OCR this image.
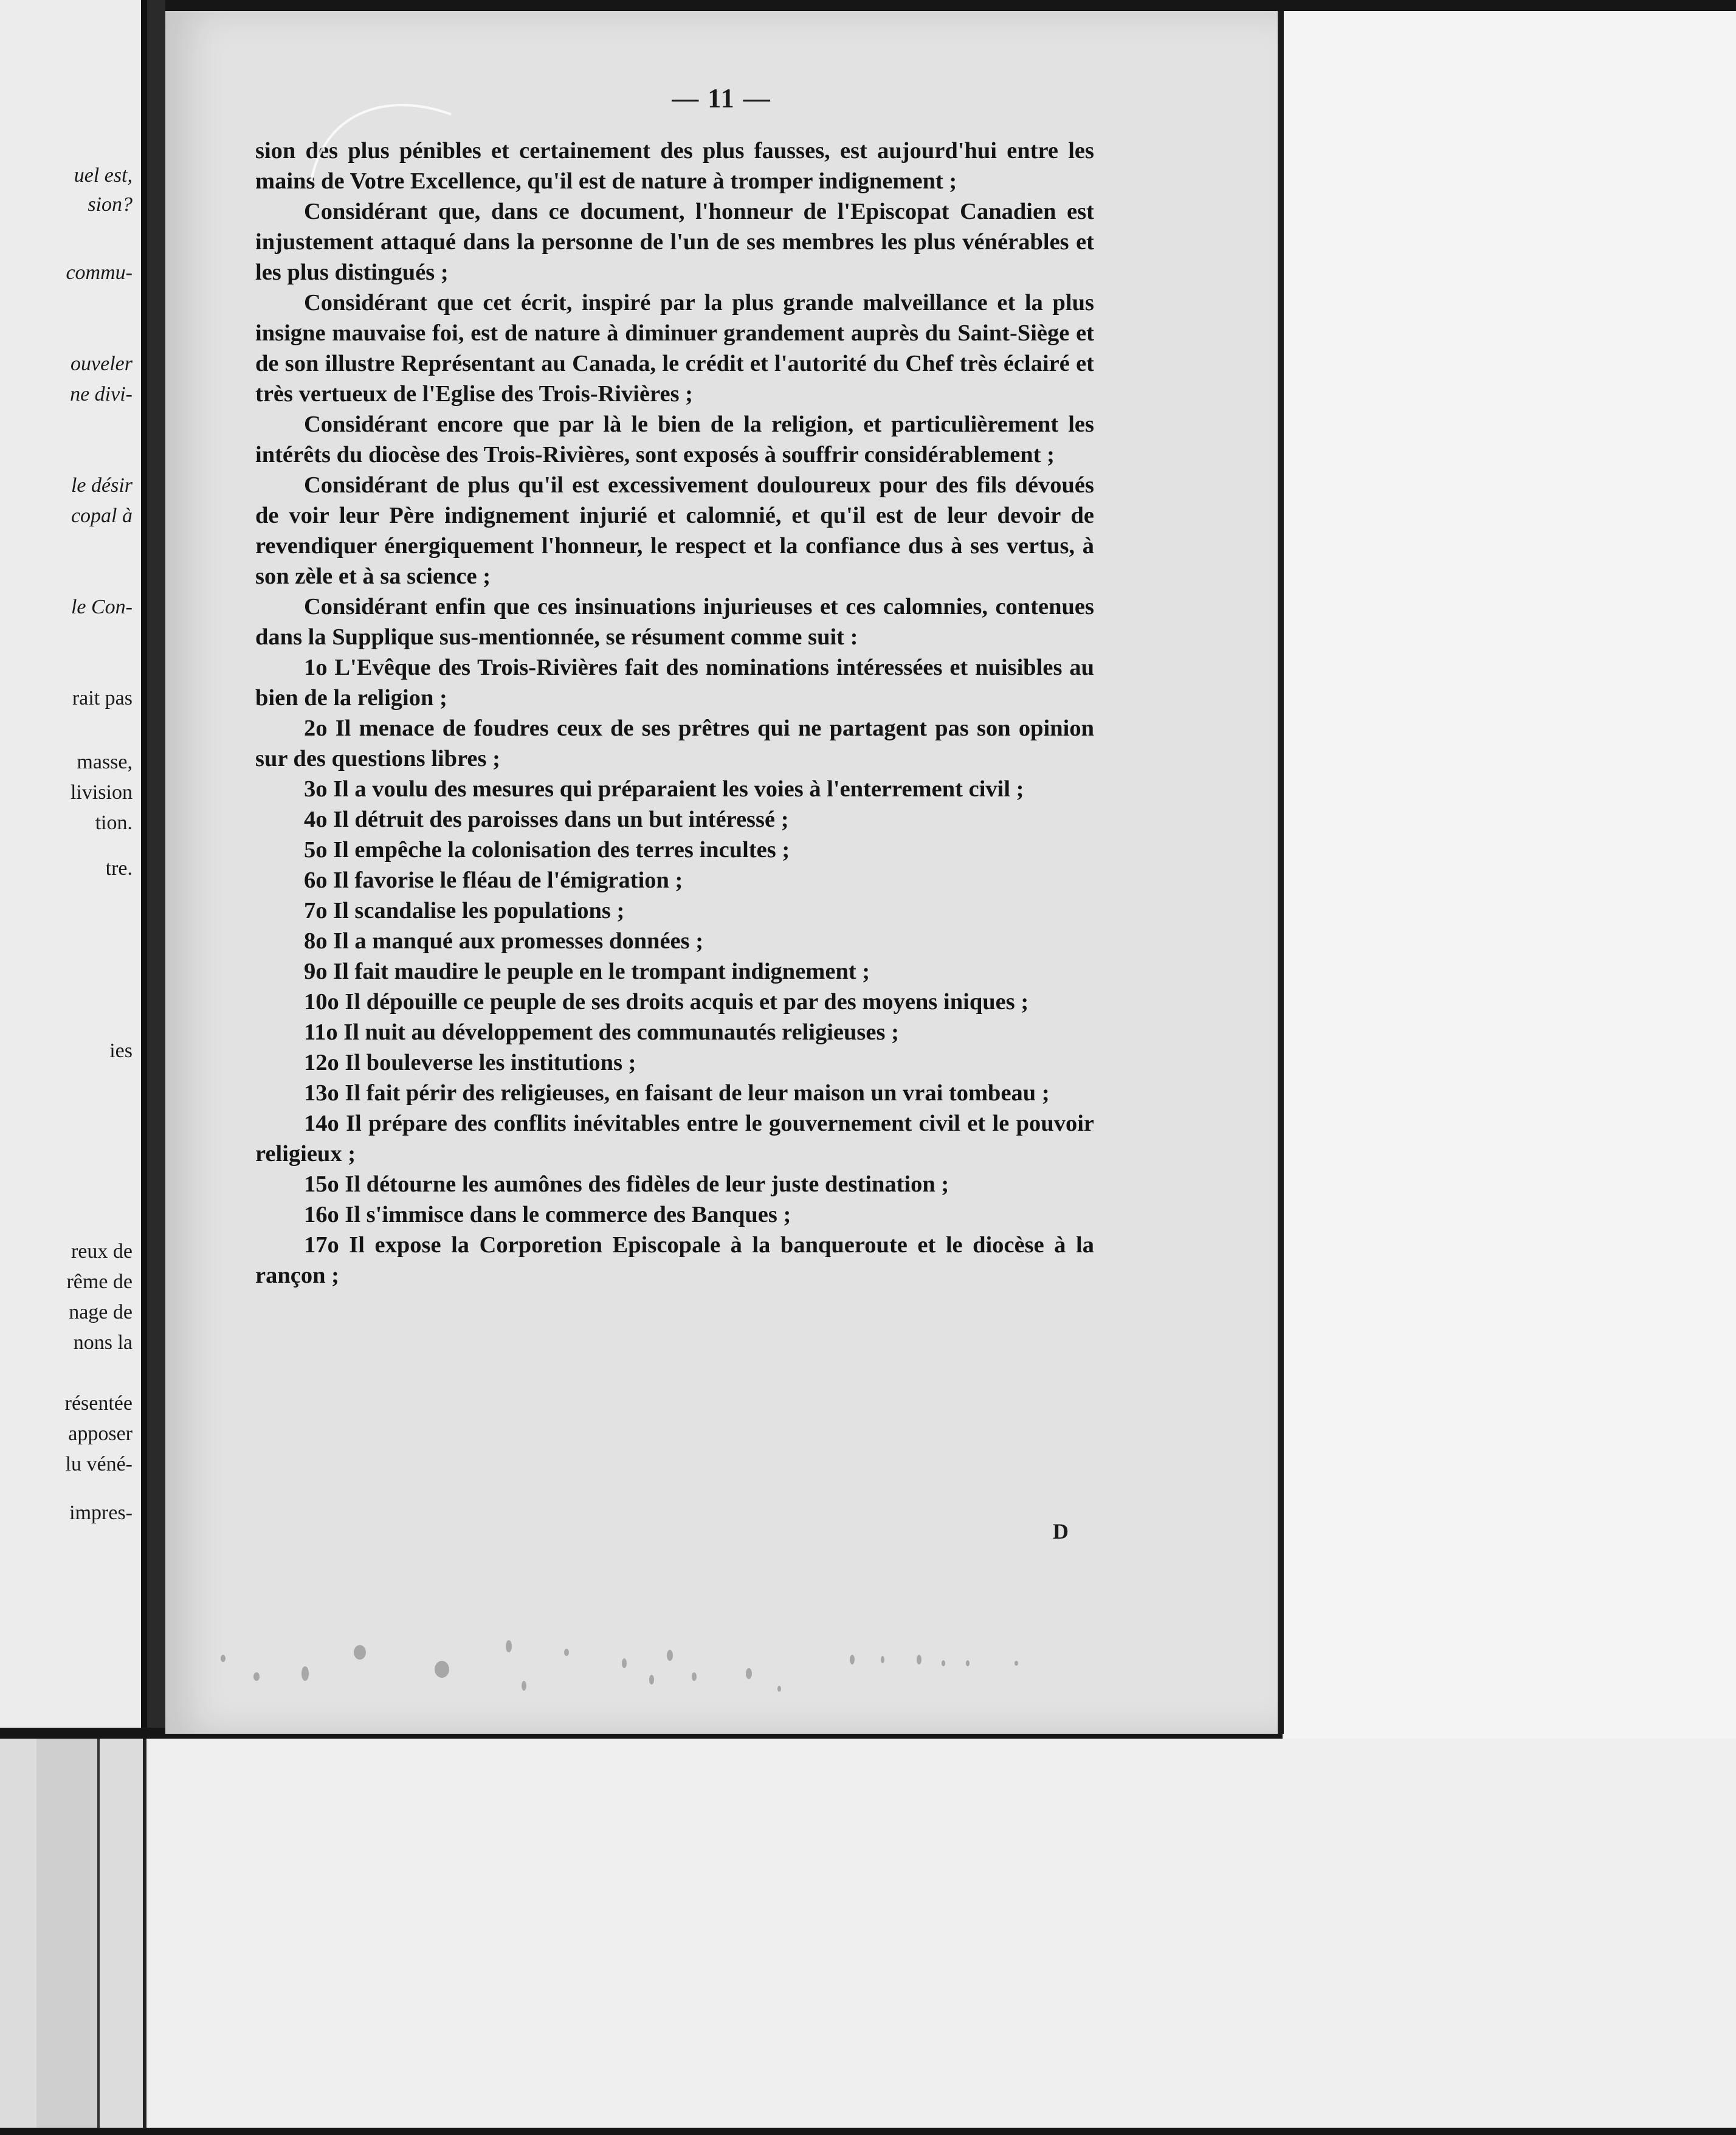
uel est,
sion?
commu-
ouveler
ne divi-
le désir
copal à
le Con-
rait pas
masse,
livision
tion.
tre.
ies
reux de
rême de
nage de
nons la
résentée
apposer
lu véné-
impres-
— 11 —

sion des plus pénibles et certainement des plus fausses, est aujourd'hui entre les mains de Votre Excellence, qu'il est de nature à tromper indignement ;

Considérant que, dans ce document, l'honneur de l'Episcopat Canadien est injustement attaqué dans la personne de l'un de ses membres les plus vénérables et les plus distingués ;

Considérant que cet écrit, inspiré par la plus grande malveillance et la plus insigne mauvaise foi, est de nature à diminuer grandement auprès du Saint-Siège et de son illustre Représentant au Canada, le crédit et l'autorité du Chef très éclairé et très vertueux de l'Eglise des Trois-Rivières ;

Considérant encore que par là le bien de la religion, et particulièrement les intérêts du diocèse des Trois-Rivières, sont exposés à souffrir considérablement ;

Considérant de plus qu'il est excessivement douloureux pour des fils dévoués de voir leur Père indignement injurié et calomnié, et qu'il est de leur devoir de revendiquer énergiquement l'honneur, le respect et la confiance dus à ses vertus, à son zèle et à sa science ;

Considérant enfin que ces insinuations injurieuses et ces calomnies, contenues dans la Supplique sus-mentionnée, se résument comme suit :

1o L'Evêque des Trois-Rivières fait des nominations intéressées et nuisibles au bien de la religion ;

2o Il menace de foudres ceux de ses prêtres qui ne partagent pas son opinion sur des questions libres ;

3o Il a voulu des mesures qui préparaient les voies à l'enterrement civil ;

4o Il détruit des paroisses dans un but intéressé ;

5o Il empêche la colonisation des terres incultes ;

6o Il favorise le fléau de l'émigration ;

7o Il scandalise les populations ;

8o Il a manqué aux promesses données ;

9o Il fait maudire le peuple en le trompant indignement ;

10o Il dépouille ce peuple de ses droits acquis et par des moyens iniques ;

11o Il nuit au développement des communautés religieuses ;

12o Il bouleverse les institutions ;

13o Il fait périr des religieuses, en faisant de leur maison un vrai tombeau ;

14o Il prépare des conflits inévitables entre le gouvernement civil et le pouvoir religieux ;

15o Il détourne les aumônes des fidèles de leur juste destination ;

16o Il s'immisce dans le commerce des Banques ;

17o Il expose la Corporetion Episcopale à la banqueroute et le diocèse à la rançon ;

D
